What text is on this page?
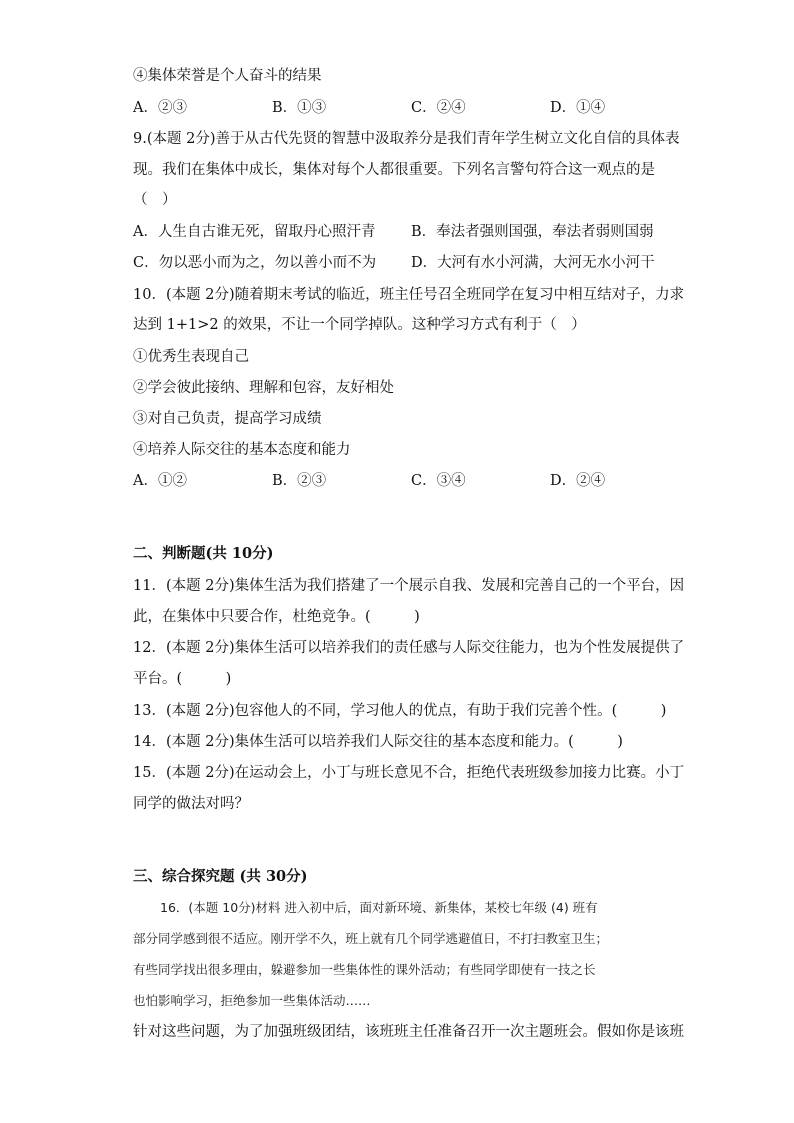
④集体荣誉是个人奋斗的结果
A．②③	B．①③	C．②④	D．①④
9.(本题 2分)善于从古代先贤的智慧中汲取养分是我们青年学生树立文化自信的具体表
现。我们在集体中成长，集体对每个人都很重要。下列名言警句符合这一观点的是
（　）
A．人生自古谁无死，留取丹心照汗青 B．奉法者强则国强，奉法者弱则国弱
C．勿以恶小而为之，勿以善小而不为 D．大河有水小河满，大河无水小河干
10．(本题 2分)随着期末考试的临近，班主任号召全班同学在复习中相互结对子，力求
达到 1+1>2 的效果，不让一个同学掉队。这种学习方式有利于（　）
①优秀生表现自己
②学会彼此接纳、理解和包容，友好相处
③对自己负责，提高学习成绩
④培养人际交往的基本态度和能力
A．①②	B．②③	C．③④	D．②④
二、判断题(共 10分)
11．(本题 2分)集体生活为我们搭建了一个展示自我、发展和完善自己的一个平台，因
此，在集体中只要合作，杜绝竞争。(　　　)
12．(本题 2分)集体生活可以培养我们的责任感与人际交往能力，也为个性发展提供了
平台。(　　　)
13．(本题 2分)包容他人的不同，学习他人的优点，有助于我们完善个性。(　　　)
14．(本题 2分)集体生活可以培养我们人际交往的基本态度和能力。(　　　)
15．(本题 2分)在运动会上，小丁与班长意见不合，拒绝代表班级参加接力比赛。小丁
同学的做法对吗？
三、综合探究题 (共 30分)
16．(本题 10分)材料 进入初中后，面对新环境、新集体，某校七年级 (4) 班有
部分同学感到很不适应。刚开学不久，班上就有几个同学逃避值日，不打扫教室卫生；
有些同学找出很多理由，躲避参加一些集体性的课外活动；有些同学即使有一技之长
也怕影响学习，拒绝参加一些集体活动……
针对这些问题，为了加强班级团结，该班班主任准备召开一次主题班会。假如你是该班
